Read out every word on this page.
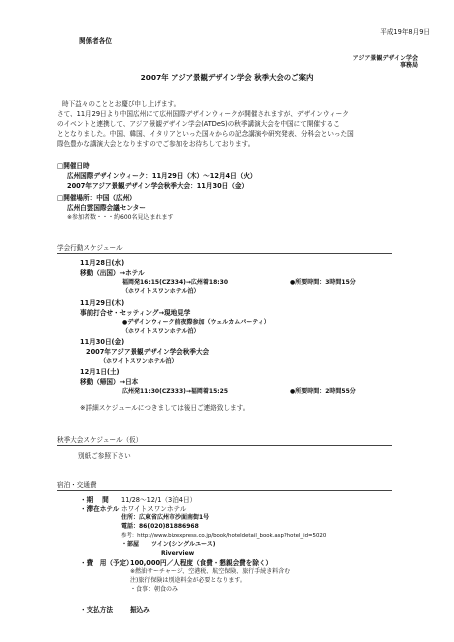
平成19年8月9日
関係者各位
アジア景観デザイン学会
事務局
2007年 アジア景観デザイン学会 秋季大会のご案内
時下益々のこととお慶び申し上げます。
さて、11月29日より中国広州にて広州国際デザインウィークが開催されますが、デザインウィーク
のイベントと連携して、アジア景観デザイン学会(ATDeS)の秋季講演大会を中国にて開催するこ
ととなりました。中国、韓国、イタリアといった国々からの記念講演や研究発表、分科会といった国
際色豊かな講演大会となりますのでご参加をお待ちしております。
□開催日時
広州国際デザインウィーク：11月29日（木）～12月4日（火）
2007年アジア景観デザイン学会秋季大会：11月30日（金）
□開催場所：中国（広州）
広州白雲国際会議センター
※参加者数・・・約600名見込まれます
学会行動スケジュール
11月28日(水)
移動（出国）→ホテル
福岡発16:15(CZ334)→広州着18:30	●所要時間：3時間15分
（ホワイトスワンホテル泊）
11月29日(木)
事前打合せ・セッティング→現地見学
●デザインウィーク前夜際参加（ウェルカムパーティ）
（ホワイトスワンホテル泊）
11月30日(金)
2007年アジア景観デザイン学会秋季大会
（ホワイトスワンホテル泊）
12月1日(土)
移動（帰国）→日本
広州発11:30(CZ333)→福岡着15:25	●所要時間：2時間55分
※詳細スケジュールにつきましては後日ご連絡致します。
秋季大会スケジュール（仮）
別紙ご参照下さい
宿泊・交通費
・期　 間 11/28～12/1（3泊4日）
・滞在ホテル ホワイトスワンホテル
住所：広東省広州市沙面南街1号
電話：86(020)81886968
参考：http://www.bizexpress.co.jp/book/hoteldetail_book.asp?hotel_id=5020
・部屋　　ツイン(シングルユース)
Riverview
・費　用（予定）
100,000円／人程度（食費・懇親会費を除く）
※燃油サーチャージ、空港税、航空保険、旅行手続き料含む
注)旅行保険は別途料金が必要となります。
・食事：朝食のみ
・支払方法	振込み
